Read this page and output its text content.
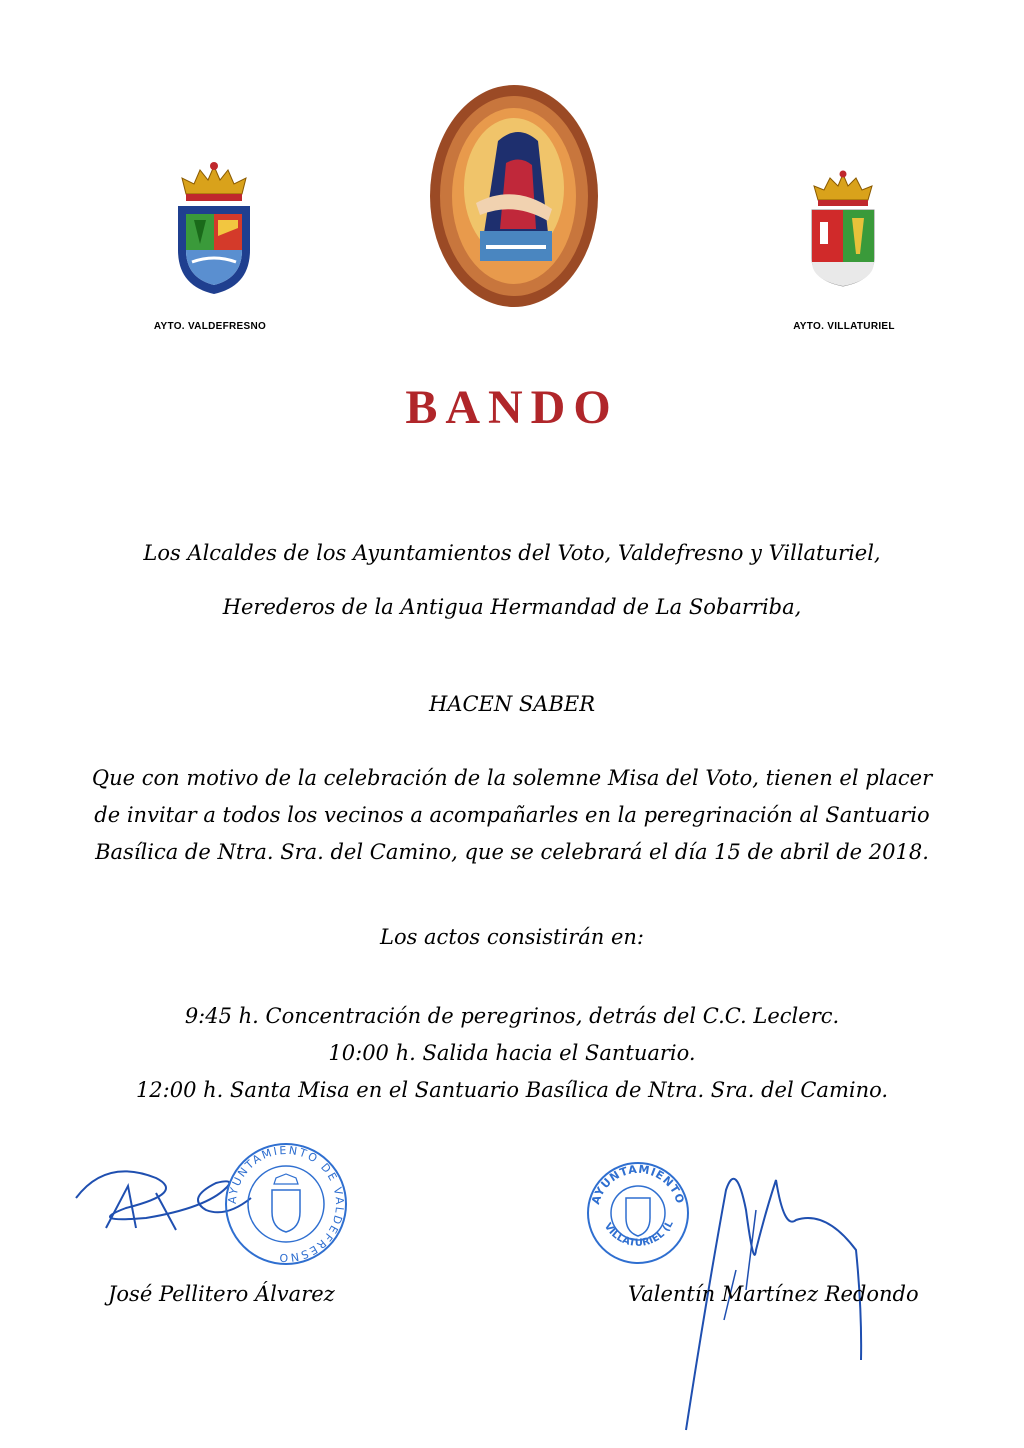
AYTO. VALDEFRESNO	AYTO. VILLATURIEL
BANDO
Los Alcaldes de los Ayuntamientos del Voto, Valdefresno y Villaturiel,
Herederos de la Antigua Hermandad de La Sobarriba,
HACEN SABER
Que con motivo de la celebración de la solemne Misa del Voto, tienen el placer
de invitar a todos los vecinos a acompañarles en la peregrinación al Santuario
Basílica de Ntra. Sra. del Camino, que se celebrará el día 15 de abril de 2018.
Los actos consistirán en:
9:45 h. Concentración de peregrinos, detrás del C.C. Leclerc.
10:00 h. Salida hacia el Santuario.
12:00 h. Santa Misa en el Santuario Basílica de Ntra. Sra. del Camino.
AYUNTAMIENTO DE VALDEFRESNO
AYUNTAMIENTO
VILLATURIEL (L
José Pellitero Álvarez	Valentín Martínez Redondo
